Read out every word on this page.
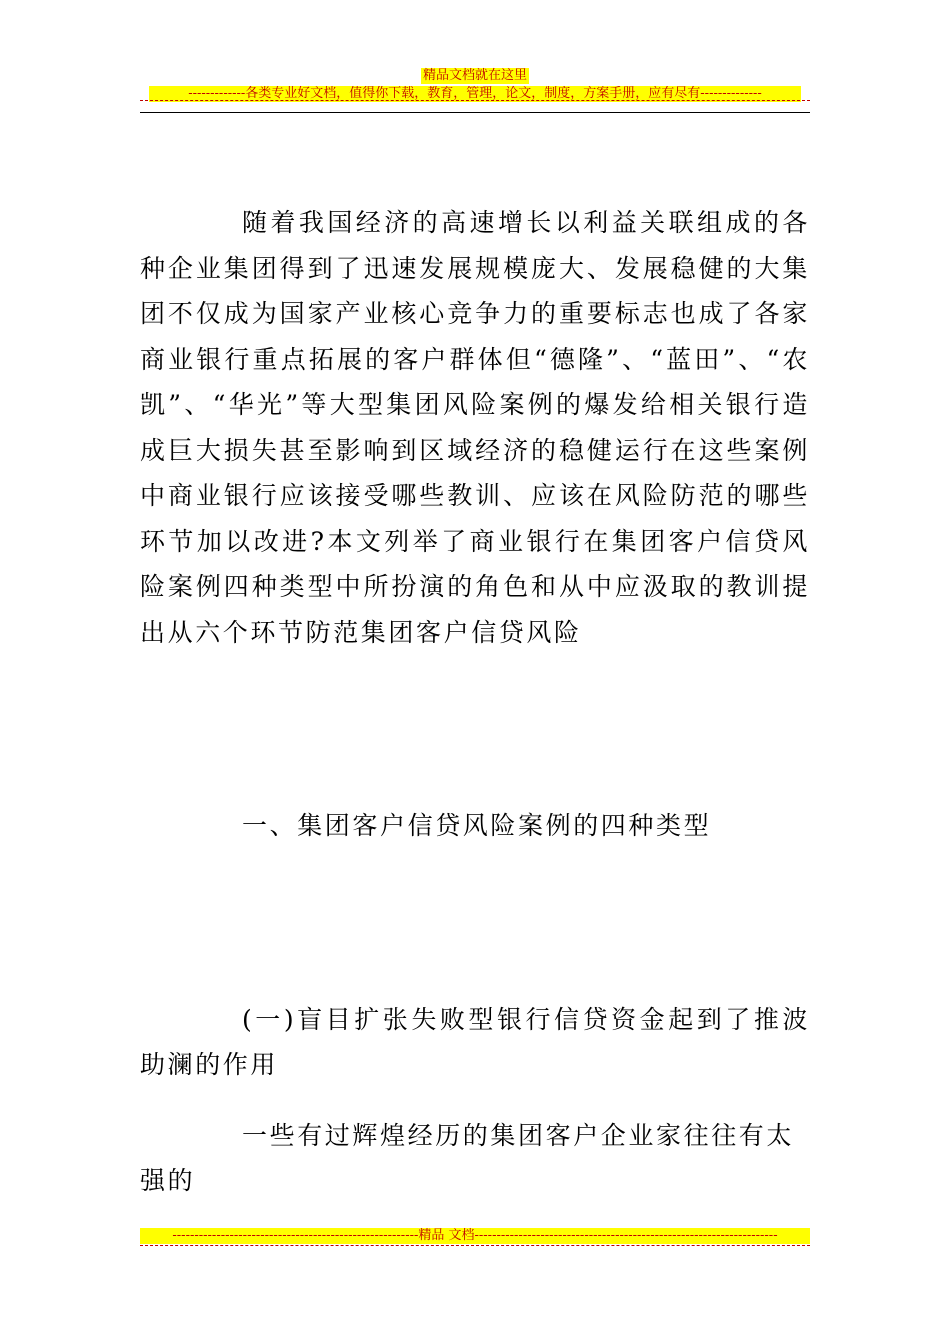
精品文档就在这里
-------------各类专业好文档，值得你下载，教育，管理，论文，制度，方案手册，应有尽有--------------

随着我国经济的高速增长以利益关联组成的各种企业集团得到了迅速发展规模庞大、发展稳健的大集团不仅成为国家产业核心竞争力的重要标志也成了各家商业银行重点拓展的客户群体但“德隆”、“蓝田”、“农凯”、“华光”等大型集团风险案例的爆发给相关银行造成巨大损失甚至影响到区域经济的稳健运行在这些案例中商业银行应该接受哪些教训、应该在风险防范的哪些环节加以改进?本文列举了商业银行在集团客户信贷风险案例四种类型中所扮演的角色和从中应汲取的教训提出从六个环节防范集团客户信贷风险

一、集团客户信贷风险案例的四种类型
(一)盲目扩张失败型银行信贷资金起到了推波助澜的作用
一些有过辉煌经历的集团客户企业家往往有太强的
--------------------------------------------------------精品 文档---------------------------------------------------------------------
